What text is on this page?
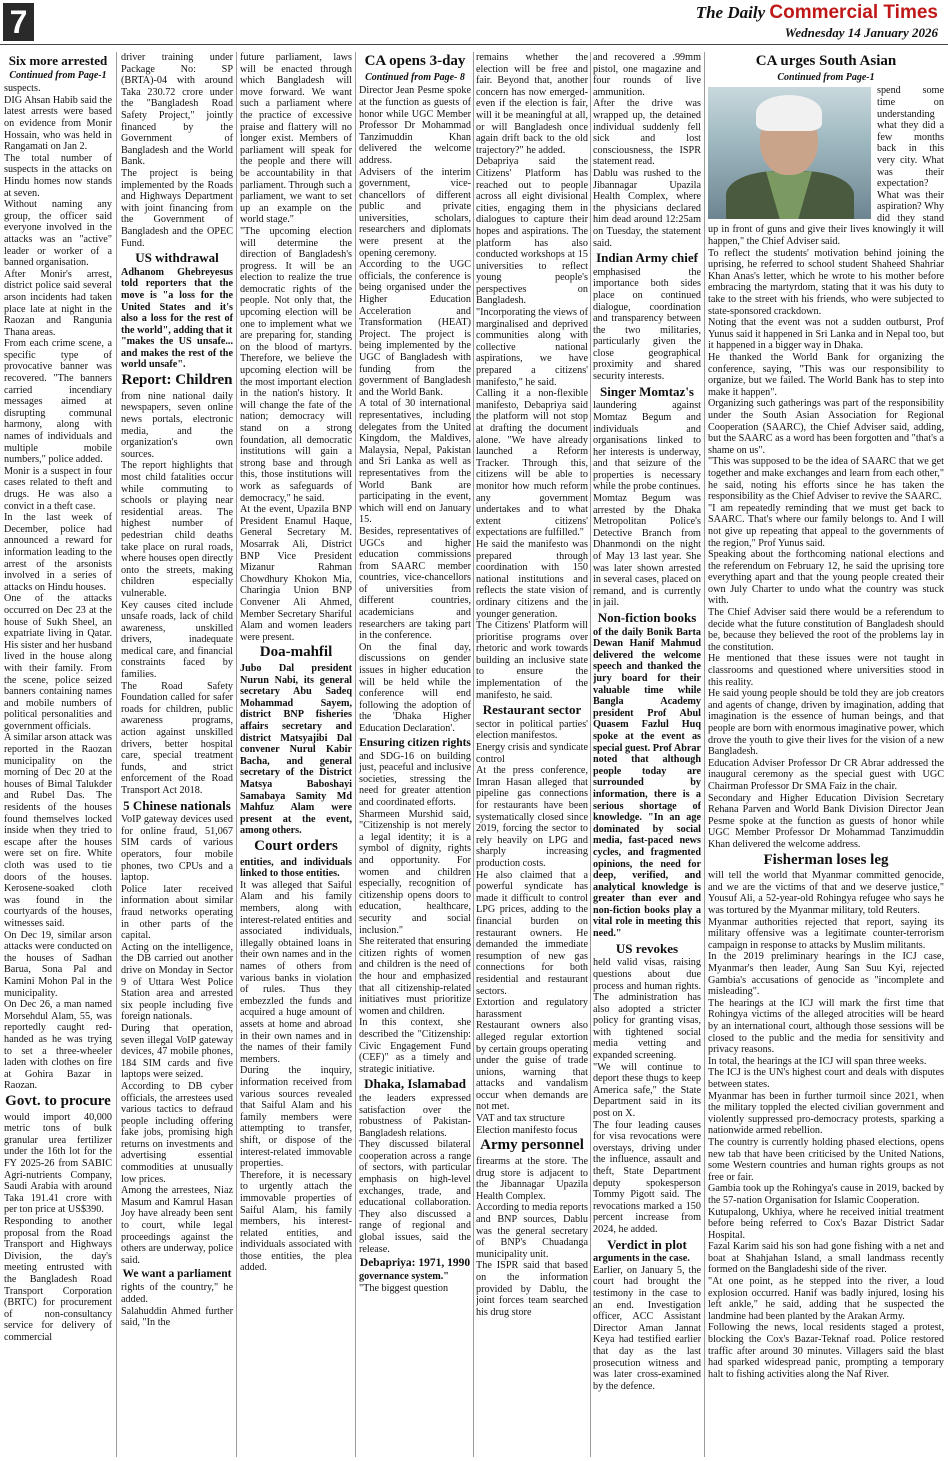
7	The Daily Commercial Times
Wednesday 14 January 2026
Six more arrested
Continued from Page-1

suspects.

DIG Ahsan Habib said the latest arrests were based on evidence from Monir Hossain, who was held in Rangamati on Jan 2.

The total number of suspects in the attacks on Hindu homes now stands at seven.

Without naming any group, the officer said everyone involved in the attacks was an "active" leader or worker of a banned organisation.

After Monir's arrest, district police said several arson incidents had taken place late at night in the Raozan and Rangunia Thana areas.

From each crime scene, a specific type of provocative banner was recovered. "The banners carried incendiary messages aimed at disrupting communal harmony, along with names of individuals and multiple mobile numbers," police added.

Monir is a suspect in four cases related to theft and drugs. He was also a convict in a theft case.

In the last week of December, police had announced a reward for information leading to the arrest of the arsonists involved in a series of attacks on Hindu houses.

One of the attacks occurred on Dec 23 at the house of Sukh Sheel, an expatriate living in Qatar. His sister and her husband lived in the house along with their family. From the scene, police seized banners containing names and mobile numbers of political personalities and government officials.

A similar arson attack was reported in the Raozan municipality on the morning of Dec 20 at the houses of Bimal Talukder and Rubel Das. The residents of the houses found themselves locked inside when they tried to escape after the houses were set on fire. White cloth was used to tie doors of the houses. Kerosene-soaked cloth was found in the courtyards of the houses, witnesses said.

On Dec 19, similar arson attacks were conducted on the houses of Sadhan Barua, Sona Pal and Kamini Mohon Pal in the municipality.

On Dec 26, a man named Morsehdul Alam, 55, was reportedly caught red-handed as he was trying to set a three-wheeler laden with clothes on fire at Gohira Bazar in Raozan.

Govt. to procure

would import 40,000 metric tons of bulk granular urea fertilizer under the 16th lot for the FY 2025-26 from SABIC Agri-nutrients Company, Saudi Arabia with around Taka 191.41 crore with per ton price at US$390.

Responding to another proposal from the Road Transport and Highways Division, the day's meeting entrusted with the Bangladesh Road Transport Corporation (BRTC) for procurement of non-consultancy service for delivery of commercial

driver training under Package No: SP (BRTA)-04 with around Taka 230.72 crore under the "Bangladesh Road Safety Project," jointly financed by the Government of Bangladesh and the World Bank.

The project is being implemented by the Roads and Highways Department with joint financing from the Government of Bangladesh and the OPEC Fund.

US withdrawal

Adhanom Ghebreyesus told reporters that the move is "a loss for the United States and it's also a loss for the rest of the world", adding that it

"makes the US unsafe... and makes the rest of the world unsafe".

Report: Children

from nine national daily newspapers, seven online news portals, electronic media, and the organization's own sources.

The report highlights that most child fatalities occur while commuting to schools or playing near residential areas. The highest number of pedestrian child deaths take place on rural roads, where houses open directly onto the streets, making children especially vulnerable.

Key causes cited include unsafe roads, lack of child awareness, unskilled drivers, inadequate medical care, and financial constraints faced by families.

The Road Safety Foundation called for safer roads for children, public awareness programs, action against unskilled drivers, better hospital care, special treatment funds, and strict enforcement of the Road Transport Act 2018.

5 Chinese nationals

VoIP gateway devices used for online fraud, 51,067 SIM cards of various operators, four mobile phones, two CPUs and a laptop.

Police later received information about similar fraud networks operating in other parts of the capital.

Acting on the intelligence, the DB carried out another drive on Monday in Sector 9 of Uttara West Police Station area and arrested six people including five foreign nationals.

During that operation, seven illegal VoIP gateway devices, 47 mobile phones, 184 SIM cards and five laptops were seized.

According to DB cyber officials, the arrestees used various tactics to defraud people including offering fake jobs, promising high returns on investments and advertising essential commodities at unusually low prices.

Among the arrestees, Niaz Masum and Kamrul Hasan Joy have already been sent to court, while legal proceedings against the others are underway, police said.

We want a parliament

rights of the country," he added.

Salahuddin Ahmed further said, "In the

future parliament, laws will be enacted through which Bangladesh will move forward. We want such a parliament where the practice of excessive praise and flattery will no longer exist. Members of parliament will speak for the people and there will be accountability in that parliament. Through such a parliament, we want to set up an example on the world stage."

"The upcoming election will determine the direction of Bangladesh's progress. It will be an election to realize the true democratic rights of the people. Not only that, the upcoming election will be one to implement what we are preparing for, standing on the blood of martyrs. Therefore, we believe the upcoming election will be the most important election in the nation's history. It will change the fate of the nation; democracy will stand on a strong foundation, all democratic institutions will gain a strong base and through this, those institutions will work as safeguards of democracy," he said.

At the event, Upazila BNP President Enamul Haque, General Secretary M. Mosarrak Ali, District BNP Vice President Mizanur Rahman Chowdhury Khokon Mia, Charingia Union BNP Convener Ali Ahmed, Member Secretary Shariful Alam and women leaders were present.

Doa-mahfil

Jubo Dal president Nurun Nabi, its general secretary Abu Sadeq Mohammad Sayem, district BNP fisheries affairs secretary and district Matsyajibi Dal convener Nurul Kabir Bacha, and general secretary of the District Matsya Baboshayi Samabaya Samity Md Mahfuz Alam were present at the event, among others.

Court orders

entities, and individuals linked to those entities.

It was alleged that Saiful Alam and his family members, along with interest-related entities and associated individuals, illegally obtained loans in their own names and in the names of others from various banks in violation of rules. Thus they embezzled the funds and acquired a huge amount of assets at home and abroad in their own names and in the names of their family members.

During the inquiry, information received from various sources revealed that Saiful Alam and his family members were attempting to transfer, shift, or dispose of the interest-related immovable properties.

Therefore, it is necessary to urgently attach the immovable properties of Saiful Alam, his family members, his interest-related entities, and individuals associated with those entities, the plea added.

CA opens 3-day
Continued from Page- 8

Director Jean Pesme spoke at the function as guests of honor while UGC Member Professor Dr Mohammad Tanzimuddin Khan delivered the welcome address.

Advisers of the interim government, vice-chancellors of different public and private universities, scholars, researchers and diplomats were present at the opening ceremony.

According to the UGC officials, the conference is being organised under the Higher Education Acceleration and Transformation (HEAT) Project. The project is being implemented by the UGC of Bangladesh with funding from the government of Bangladesh and the World Bank.

A total of 30 international representatives, including delegates from the United Kingdom, the Maldives, Malaysia, Nepal, Pakistan and Sri Lanka as well as representatives from the World Bank are participating in the event, which will end on January 15.

Besides, representatives of UGCs and higher education commissions from SAARC member countries, vice-chancellors of universities from different countries, academicians and researchers are taking part in the conference.

On the final day, discussions on gender issues in higher education will be held while the conference will end following the adoption of the 'Dhaka Higher Education Declaration'.

Ensuring citizen rights

and SDG-16 on building just, peaceful and inclusive societies, stressing the need for greater attention and coordinated efforts.

Sharmeen Murshid said, "Citizenship is not merely a legal identity; it is a symbol of dignity, rights and opportunity. For women and children especially, recognition of citizenship opens doors to education, healthcare, security and social inclusion."

She reiterated that ensuring citizen rights of women and children is the need of the hour and emphasized that all citizenship-related initiatives must prioritize women and children.

In this context, she described the "Citizenship: Civic Engagement Fund (CEF)" as a timely and strategic initiative.

Dhaka, Islamabad

the leaders expressed satisfaction over the robustness of Pakistan-Bangladesh relations.

They discussed bilateral cooperation across a range of sectors, with particular emphasis on high-level exchanges, trade, and educational collaboration. They also discussed a range of regional and global issues, said the release.

Debapriya: 1971, 1990

governance system."

"The biggest question

remains whether the election will be free and fair. Beyond that, another concern has now emerged- even if the election is fair, will it be meaningful at all, or will Bangladesh once again drift back to the old trajectory?" he added.

Debapriya said the Citizens' Platform has reached out to people across all eight divisional cities, engaging them in dialogues to capture their hopes and aspirations. The platform has also conducted workshops at 15 universities to reflect young people's perspectives on Bangladesh.

"Incorporating the views of marginalised and deprived communities along with collective national aspirations, we have prepared a citizens' manifesto," he said.

Calling it a non-flexible manifesto, Debapriya said the platform will not stop at drafting the document alone. "We have already launched a Reform Tracker. Through this, citizens will be able to monitor how much reform any government undertakes and to what extent citizens' expectations are fulfilled."

He said the manifesto was prepared through coordination with 150 national institutions and reflects the state vision of ordinary citizens and the younger generation.

The Citizens' Platform will prioritise programs over rhetoric and work towards building an inclusive state to ensure the implementation of the manifesto, he said.

Restaurant sector

sector in political parties' election manifestos.

Energy crisis and syndicate control

At the press conference, Imran Hasan alleged that pipeline gas connections for restaurants have been systematically closed since 2019, forcing the sector to rely heavily on LPG and sharply increasing production costs.

He also claimed that a powerful syndicate has made it difficult to control LPG prices, adding to the financial burden on restaurant owners. He demanded the immediate resumption of new gas connections for both residential and restaurant sectors.

Extortion and regulatory harassment

Restaurant owners also alleged regular extortion by certain groups operating under the guise of trade unions, warning that attacks and vandalism occur when demands are not met.

VAT and tax structure

Election manifesto focus

Army personnel

firearms at the store. The drug store is adjacent to the Jibannagar Upazila Health Complex.

According to media reports and BNP sources, Dablu was the general secretary of BNP's Chuadanga municipality unit.

The ISPR said that based on the information provided by Dablu, the joint forces team searched his drug store

and recovered a .99mm pistol, one magazine and four rounds of live ammunition.

After the drive was wrapped up, the detained individual suddenly fell sick and lost consciousness, the ISPR statement read.

Dablu was rushed to the Jibannagar Upazila Health Complex, where the physicians declared him dead around 12:25am on Tuesday, the statement said.

Indian Army chief

emphasised the importance both sides place on continued dialogue, coordination and transparency between the two militaries, particularly given the close geographical proximity and shared security interests.

Singer Momtaz's

laundering against Momtaz Begum and individuals and organisations linked to her interests is underway, and that seizure of the properties is necessary while the probe continues.

Momtaz Begum was arrested by the Dhaka Metropolitan Police's Detective Branch from Dhanmondi on the night of May 13 last year. She was later shown arrested in several cases, placed on remand, and is currently in jail.

Non-fiction books

of the daily Bonik Barta Dewan Hanif Mahmud delivered the welcome speech and thanked the jury board for their valuable time while Bangla Academy president Prof Abul Quasem Fazlul Huq spoke at the event as special guest. Prof Abrar noted that although people today are surrounded by information, there is a serious shortage of knowledge. "In an age dominated by social media, fast-paced news cycles, and fragmented opinions, the need for deep, verified, and analytical knowledge is greater than ever and non-fiction books play a vital role in meeting this need."

US revokes

held valid visas, raising questions about due process and human rights. The administration has also adopted a stricter policy for granting visas, with tightened social media vetting and expanded screening.

"We will continue to deport these thugs to keep America safe," the State Department said in its post on X.

The four leading causes for visa revocations were overstays, driving under the influence, assault and theft, State Department deputy spokesperson Tommy Pigott said. The revocations marked a 150 percent increase from 2024, he added.

Verdict in plot

arguments in the case.

Earlier, on January 5, the court had brought the testimony in the case to an end. Investigation officer, ACC Assistant Director Aman Jannat Keya had testified earlier that day as the last prosecution witness and was later cross-examined by the defence.

CA urges South Asian
Continued from Page-1

spend some time on understanding what they did a few months back in this very city. What was their expectation? What was their aspiration? Why did they stand up in front of guns and give their lives knowingly it will happen," the Chief Adviser said.

To reflect the students' motivation behind joining the uprising, he referred to school student Shaheed Shahriar Khan Anas's letter, which he wrote to his mother before embracing the martyrdom, stating that it was his duty to take to the street with his friends, who were subjected to state-sponsored crackdown.

Noting that the event was not a sudden outburst, Prof Yunus said it happened in Sri Lanka and in Nepal too, but it happened in a bigger way in Dhaka.

He thanked the World Bank for organizing the conference, saying, "This was our responsibility to organize, but we failed. The World Bank has to step into make it happen".

Organizing such gatherings was part of the responsibility under the South Asian Association for Regional Cooperation (SAARC), the Chief Adviser said, adding, but the SAARC as a word has been forgotten and "that's a shame on us".

"This was supposed to be the idea of SAARC that we get together and make exchanges and learn from each other," he said, noting his efforts since he has taken the responsibility as the Chief Adviser to revive the SAARC.

"I am repeatedly reminding that we must get back to SAARC. That's where our family belongs to. And I will not give up repeating that appeal to the governments of the region," Prof Yunus said.

Speaking about the forthcoming national elections and the referendum on February 12, he said the uprising tore everything apart and that the young people created their own July Charter to undo what the country was stuck with.

The Chief Adviser said there would be a referendum to decide what the future constitution of Bangladesh should be, because they believed the root of the problems lay in the constitution.

He mentioned that these issues were not taught in classrooms and questioned where universities stood in this reality.

He said young people should be told they are job creators and agents of change, driven by imagination, adding that imagination is the essence of human beings, and that people are born with enormous imaginative power, which drove the youth to give their lives for the vision of a new Bangladesh.

Education Adviser Professor Dr CR Abrar addressed the inaugural ceremony as the special guest with UGC Chairman Professor Dr SMA Faiz in the chair.

Secondary and Higher Education Division Secretary Rehana Parven and World Bank Division Director Jean Pesme spoke at the function as guests of honor while UGC Member Professor Dr Mohammad Tanzimuddin Khan delivered the welcome address.

Fisherman loses leg

will tell the world that Myanmar committed genocide, and we are the victims of that and we deserve justice," Yousuf Ali, a 52-year-old Rohingya refugee who says he was tortured by the Myanmar military, told Reuters.

Myanmar authorities rejected that report, saying its military offensive was a legitimate counter-terrorism campaign in response to attacks by Muslim militants.

In the 2019 preliminary hearings in the ICJ case, Myanmar's then leader, Aung San Suu Kyi, rejected Gambia's accusations of genocide as "incomplete and misleading".

The hearings at the ICJ will mark the first time that Rohingya victims of the alleged atrocities will be heard by an international court, although those sessions will be closed to the public and the media for sensitivity and privacy reasons.

In total, the hearings at the ICJ will span three weeks.

The ICJ is the UN's highest court and deals with disputes between states.

Myanmar has been in further turmoil since 2021, when the military toppled the elected civilian government and violently suppressed pro-democracy protests, sparking a nationwide armed rebellion.

The country is currently holding phased elections, opens new tab that have been criticised by the United Nations, some Western countries and human rights groups as not free or fair.

Gambia took up the Rohingya's cause in 2019, backed by the 57-nation Organisation for Islamic Cooperation.

Kutupalong, Ukhiya, where he received initial treatment before being referred to Cox's Bazar District Sadar Hospital.

Fazal Karim said his son had gone fishing with a net and boat at Shahjahan Island, a small landmass recently formed on the Bangladeshi side of the river.

"At one point, as he stepped into the river, a loud explosion occurred. Hanif was badly injured, losing his left ankle," he said, adding that he suspected the landmine had been planted by the Arakan Army.

Following the news, local residents staged a protest, blocking the Cox's Bazar-Teknaf road. Police restored traffic after around 30 minutes. Villagers said the blast had sparked widespread panic, prompting a temporary halt to fishing activities along the Naf River.
